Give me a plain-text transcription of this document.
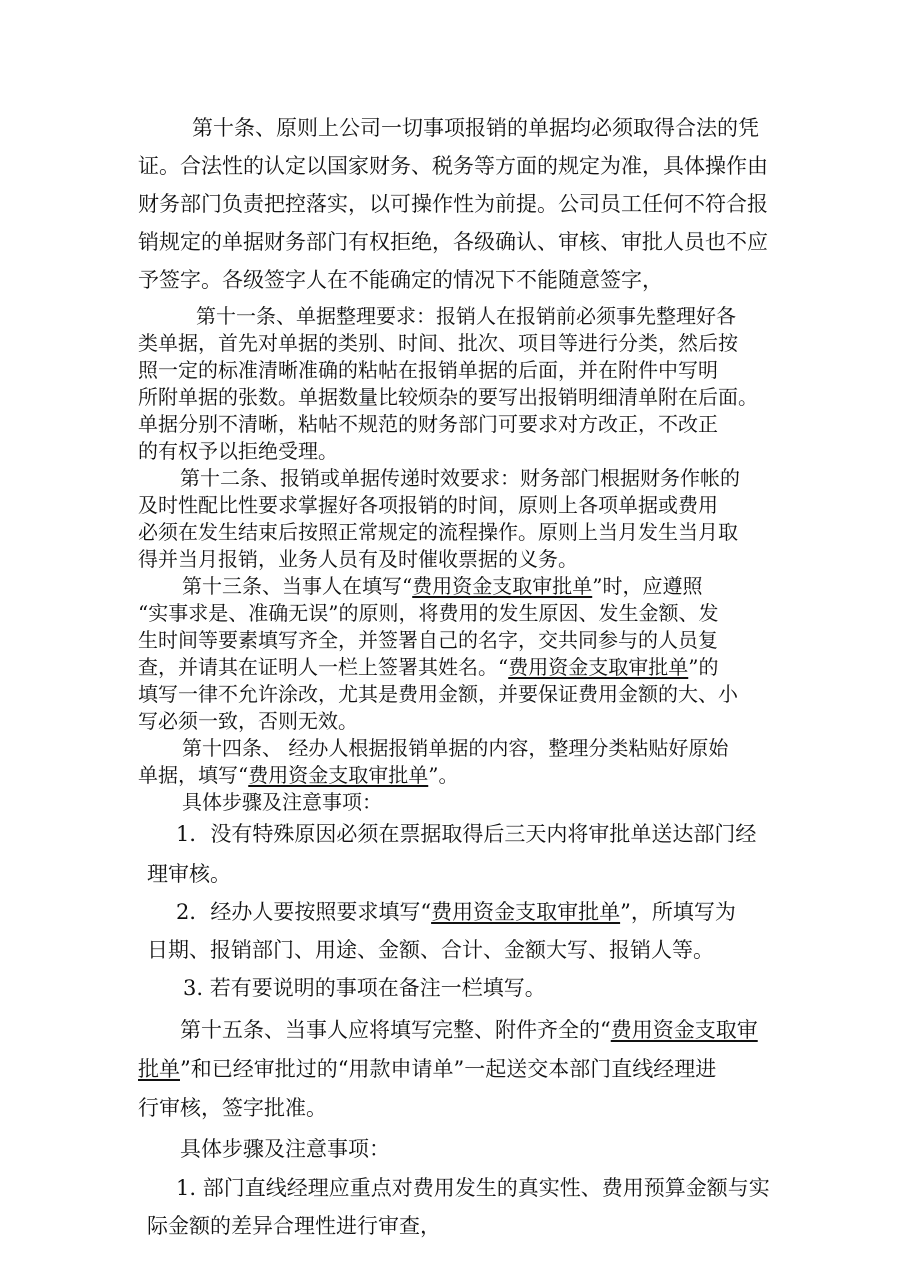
第十条、原则上公司一切事项报销的单据均必须取得合法的凭

证。合法性的认定以国家财务、税务等方面的规定为准，具体操作由

财务部门负责把控落实，以可操作性为前提。公司员工任何不符合报

销规定的单据财务部门有权拒绝，各级确认、审核、审批人员也不应

予签字。各级签字人在不能确定的情况下不能随意签字，

第十一条、单据整理要求：报销人在报销前必须事先整理好各

类单据，首先对单据的类别、时间、批次、项目等进行分类，然后按

照一定的标准清晰准确的粘帖在报销单据的后面，并在附件中写明

所附单据的张数。单据数量比较烦杂的要写出报销明细清单附在后面。

单据分别不清晰，粘帖不规范的财务部门可要求对方改正，不改正

的有权予以拒绝受理。

第十二条、报销或单据传递时效要求：财务部门根据财务作帐的

及时性配比性要求掌握好各项报销的时间，原则上各项单据或费用

必须在发生结束后按照正常规定的流程操作。原则上当月发生当月取

得并当月报销，业务人员有及时催收票据的义务。

第十三条、当事人在填写“费用资金支取审批单”时，应遵照

“实事求是、准确无误”的原则，将费用的发生原因、发生金额、发

生时间等要素填写齐全，并签署自己的名字，交共同参与的人员复

查，并请其在证明人一栏上签署其姓名。“费用资金支取审批单”的

填写一律不允许涂改，尤其是费用金额，并要保证费用金额的大、小

写必须一致，否则无效。

第十四条、 经办人根据报销单据的内容，整理分类粘贴好原始

单据，填写“费用资金支取审批单”。

具体步骤及注意事项：

1．没有特殊原因必须在票据取得后三天内将审批单送达部门经

理审核。

2．经办人要按照要求填写“费用资金支取审批单”，所填写为

日期、报销部门、用途、金额、合计、金额大写、报销人等。

3. 若有要说明的事项在备注一栏填写。

第十五条、当事人应将填写完整、附件齐全的“费用资金支取审

批单”和已经审批过的“用款申请单”一起送交本部门直线经理进

行审核，签字批准。

具体步骤及注意事项：

1. 部门直线经理应重点对费用发生的真实性、费用预算金额与实

际金额的差异合理性进行审查，
